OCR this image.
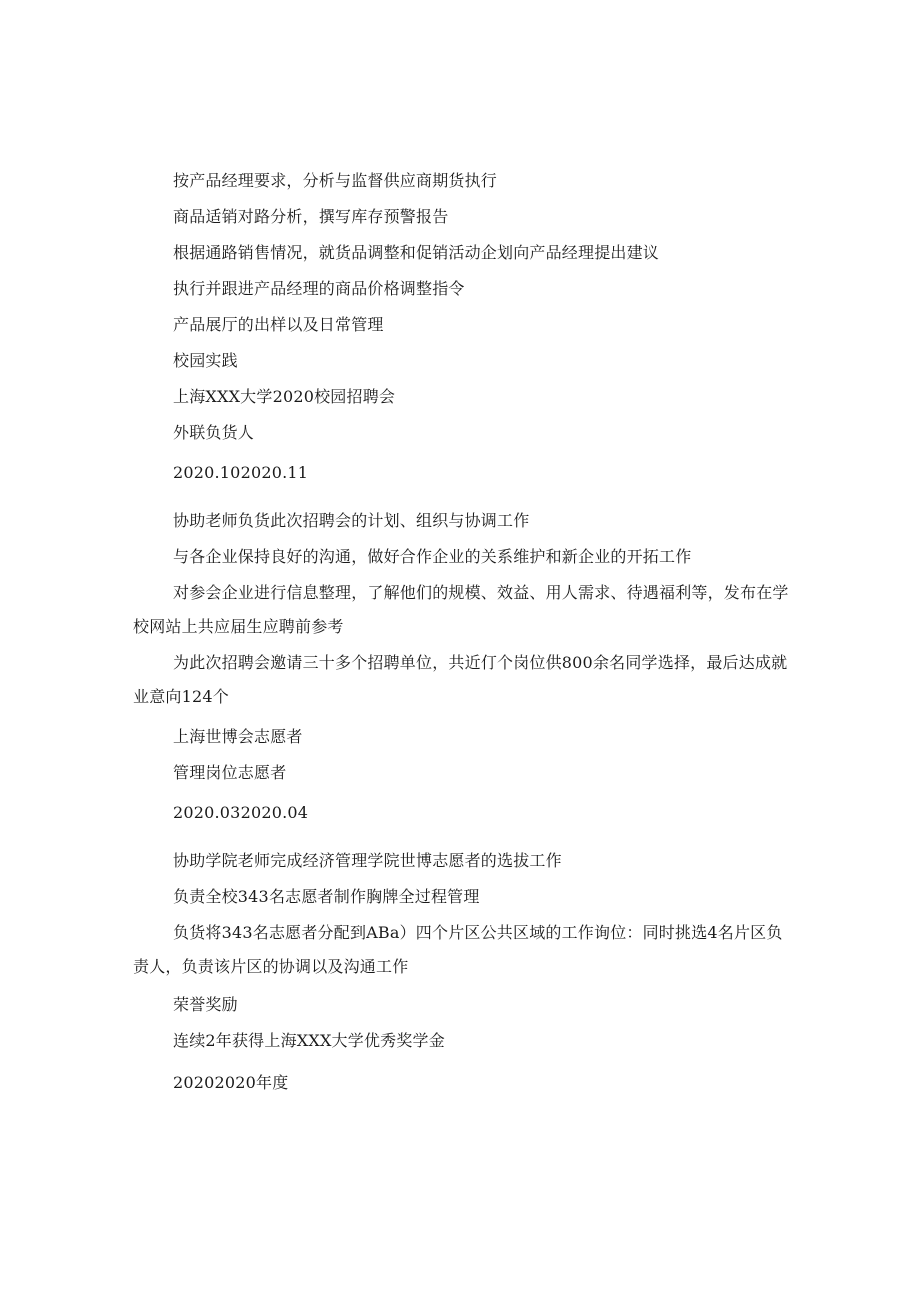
按产品经理要求，分析与监督供应商期货执行
商品适销对路分析，撰写库存预警报告
根据通路销售情况，就货品调整和促销活动企划向产品经理提出建议
执行并跟进产品经理的商品价格调整指令
产品展厅的出样以及日常管理
校园实践
上海XXX大学2020校园招聘会
外联负货人
2020.102020.11
协助老师负货此次招聘会的计划、组织与协调工作
与各企业保持良好的沟通，做好合作企业的关系维护和新企业的开拓工作
对参会企业进行信息整理，了解他们的规模、效益、用人需求、待遇福利等，发布在学校网站上共应届生应聘前参考
为此次招聘会邀请三十多个招聘单位，共近仃个岗位供800余名同学选择，最后达成就业意向124个
上海世博会志愿者
管理岗位志愿者
2020.032020.04
协助学院老师完成经济管理学院世博志愿者的选拔工作
负责全校343名志愿者制作胸牌全过程管理
负货将343名志愿者分配到ABa）四个片区公共区域的工作询位：同时挑选4名片区负责人，负责该片区的协调以及沟通工作
荣誉奖励
连续2年获得上海XXX大学优秀奖学金
20202020年度
